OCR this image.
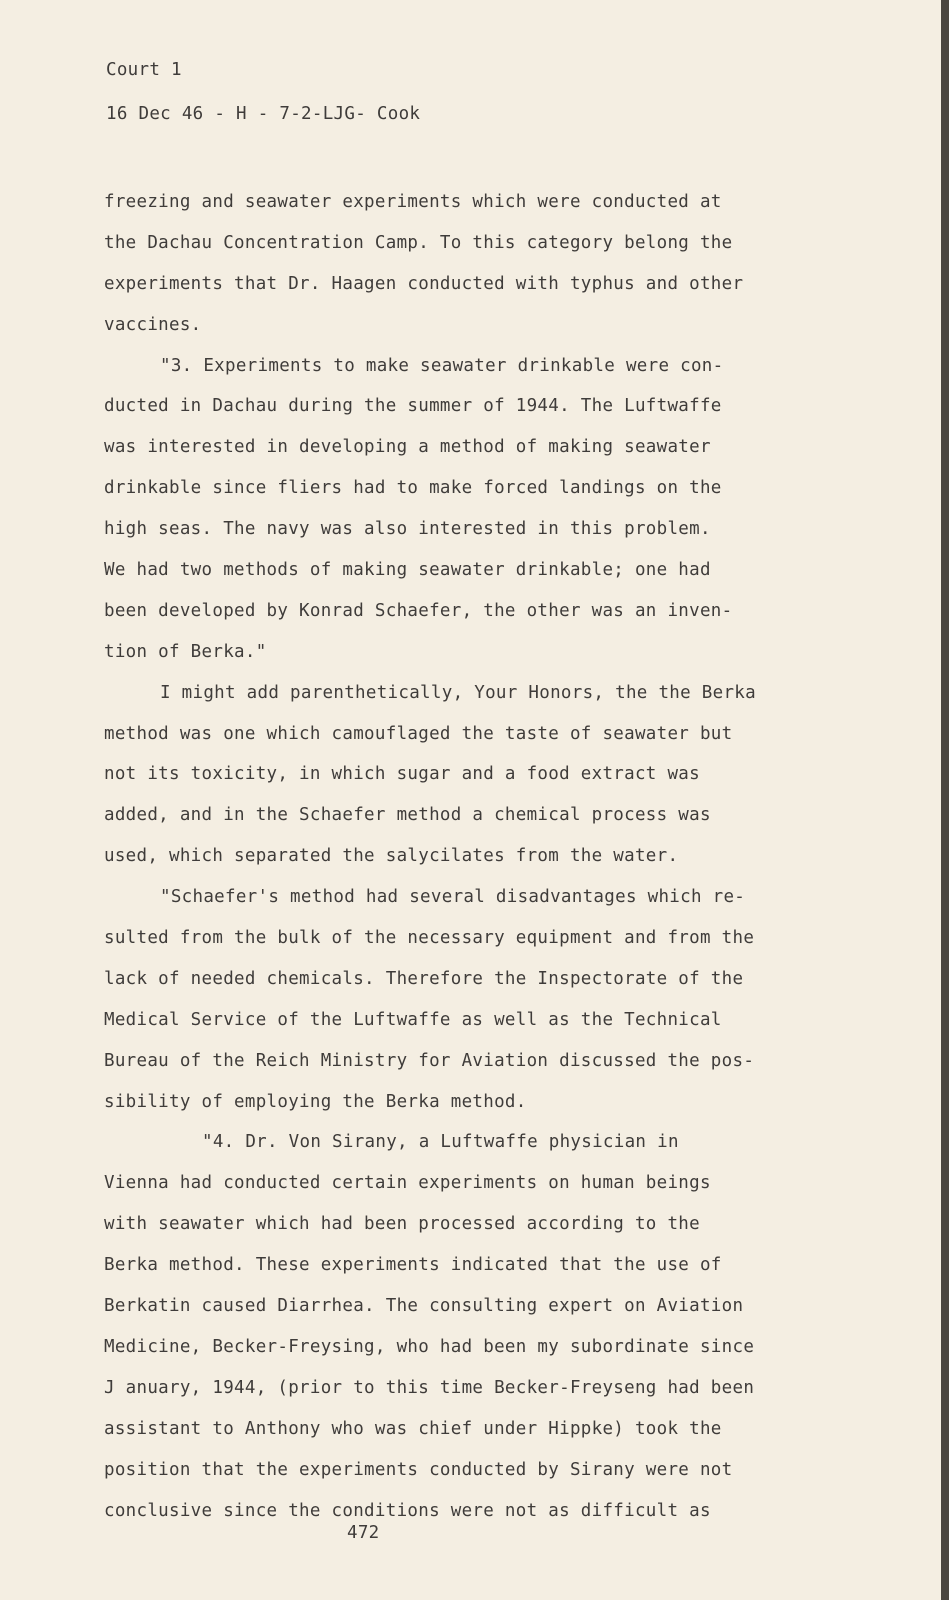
Court 1
16 Dec 46 - H - 7-2-LJG- Cook
freezing and seawater experiments which were conducted at
the Dachau Concentration Camp. To this category belong the
experiments that Dr. Haagen conducted with typhus and other
vaccines.
"3. Experiments to make seawater drinkable were con-
ducted in Dachau during the summer of 1944. The Luftwaffe
was interested in developing a method of making seawater
drinkable since fliers had to make forced landings on the
high seas. The navy was also interested in this problem.
We had two methods of making seawater drinkable; one had
been developed by Konrad Schaefer, the other was an inven-
tion of Berka."
I might add parenthetically, Your Honors, the the Berka
method was one which camouflaged the taste of seawater but
not its toxicity, in which sugar and a food extract was
added, and in the Schaefer method a chemical process was
used, which separated the salycilates from the water.
"Schaefer's method had several disadvantages which re-
sulted from the bulk of the necessary equipment and from the
lack of needed chemicals. Therefore the Inspectorate of the
Medical Service of the Luftwaffe as well as the Technical
Bureau of the Reich Ministry for Aviation discussed the pos-
sibility of employing the Berka method.
"4. Dr. Von Sirany, a Luftwaffe physician in
Vienna had conducted certain experiments on human beings
with seawater which had been processed according to the
Berka method. These experiments indicated that the use of
Berkatin caused Diarrhea. The consulting expert on Aviation
Medicine, Becker-Freysing, who had been my subordinate since
J anuary, 1944, (prior to this time Becker-Freyseng had been
assistant to Anthony who was chief under Hippke) took the
position that the experiments conducted by Sirany were not
conclusive since the conditions were not as difficult as
472
